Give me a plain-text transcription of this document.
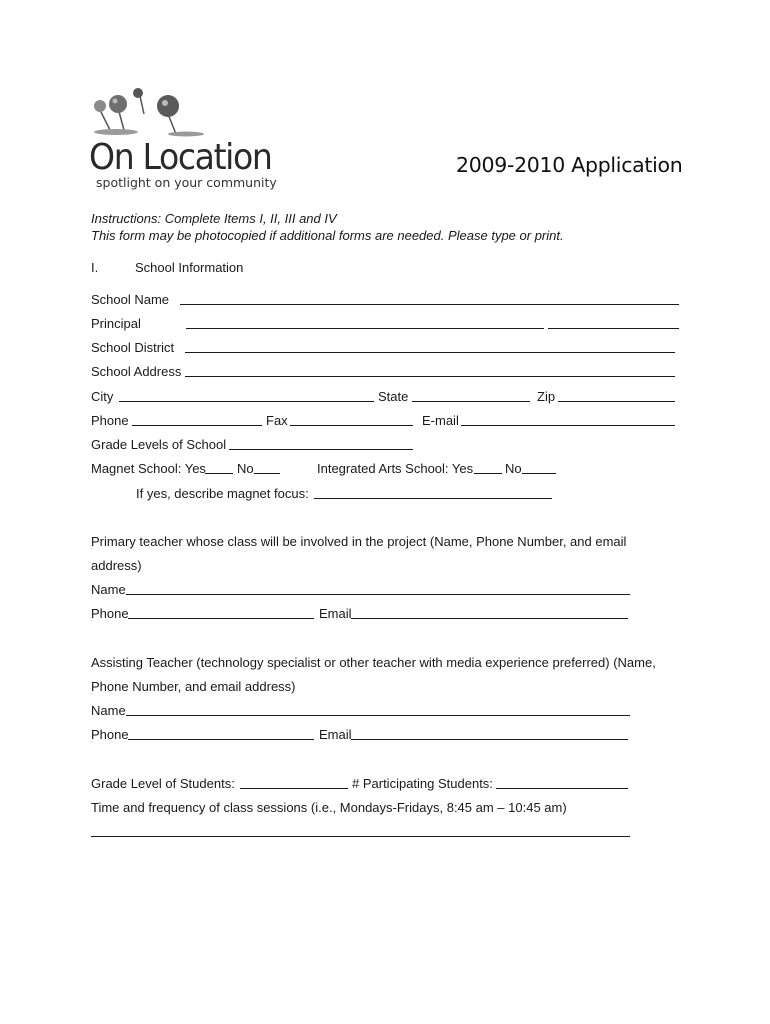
On Location
spotlight on your community
2009-2010 Application
Instructions: Complete Items I, II, III and IV
This form may be photocopied if additional forms are needed. Please type or print.
I.	School Information
School Name
Principal
School District
School Address
City	State	Zip
Phone	Fax	E-mail
Grade Levels of School
Magnet School: Yes No	Integrated Arts School: Yes No
If yes, describe magnet focus:
Primary teacher whose class will be involved in the project (Name, Phone Number, and email
address)
Name
Phone	Email
Assisting Teacher (technology specialist or other teacher with media experience preferred) (Name,
Phone Number, and email address)
Name
Phone	Email
Grade Level of Students:	# Participating Students:
Time and frequency of class sessions (i.e., Mondays-Fridays, 8:45 am – 10:45 am)
